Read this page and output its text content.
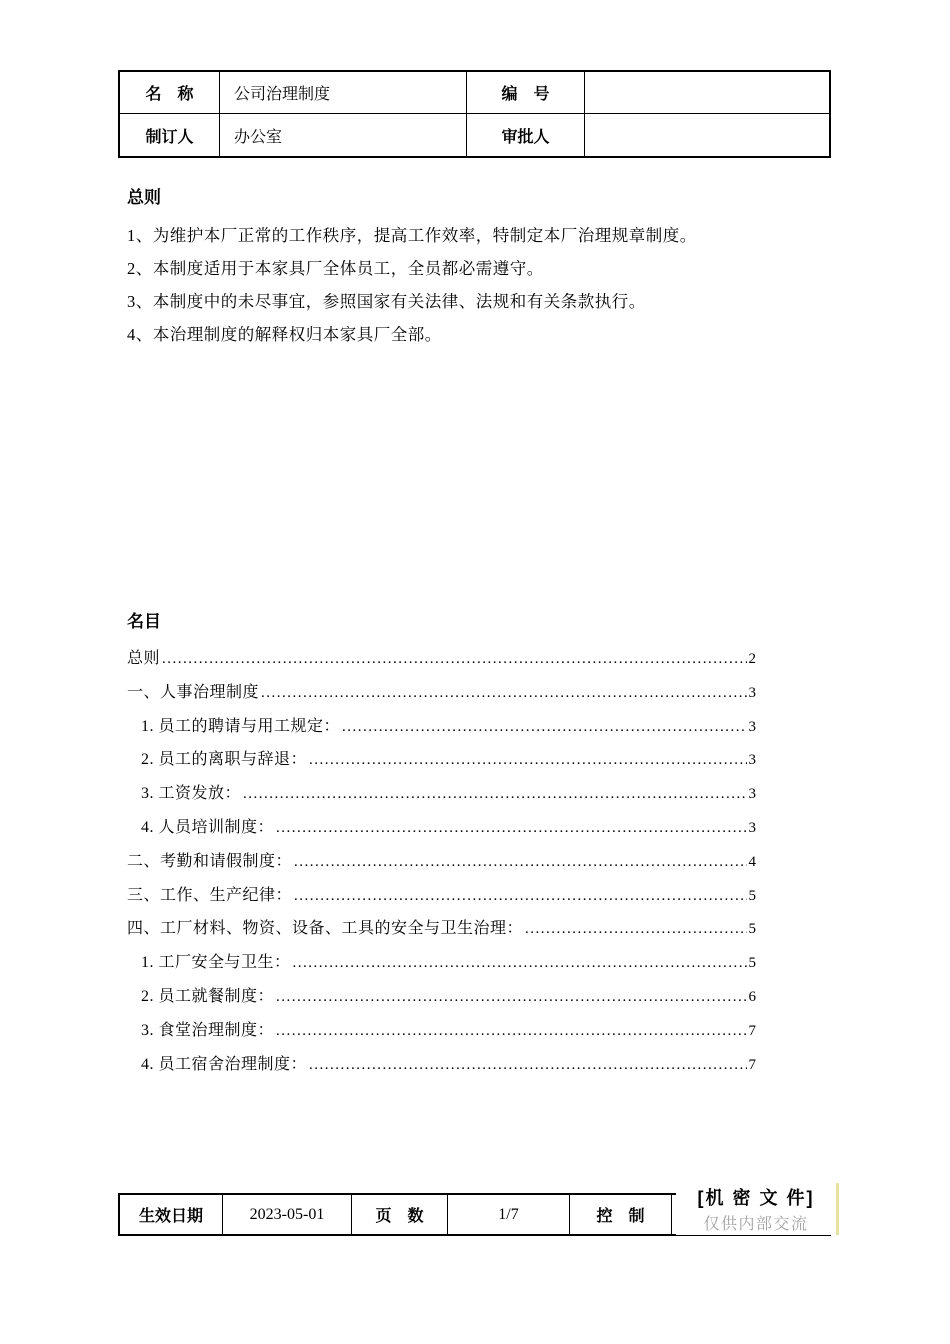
名　称	公司治理制度	编　号
制订人	办公室	审批人
总则

1、为维护本厂正常的工作秩序，提高工作效率，特制定本厂治理规章制度。

2、本制度适用于本家具厂全体员工，全员都必需遵守。

3、本制度中的未尽事宜，参照国家有关法律、法规和有关条款执行。

4、本治理制度的解释权归本家具厂全部。

名目
总则 .....	2
一、人事治理制度 .....	3
1. 员工的聘请与用工规定： .....	3
2. 员工的离职与辞退： .....	3
3. 工资发放： .....	3
4. 人员培训制度： .....	3
二、考勤和请假制度： .....	4
三、工作、生产纪律： .....	5
四、工厂材料、物资、设备、工具的安全与卫生治理： .....	5
1. 工厂安全与卫生： .....	5
2. 员工就餐制度： .....	6
3. 食堂治理制度： .....	7
4. 员工宿舍治理制度： .....	7
生效日期	2023-05-01	页　数	1/7	控　制
[机 密 文 件]
仅供内部交流
